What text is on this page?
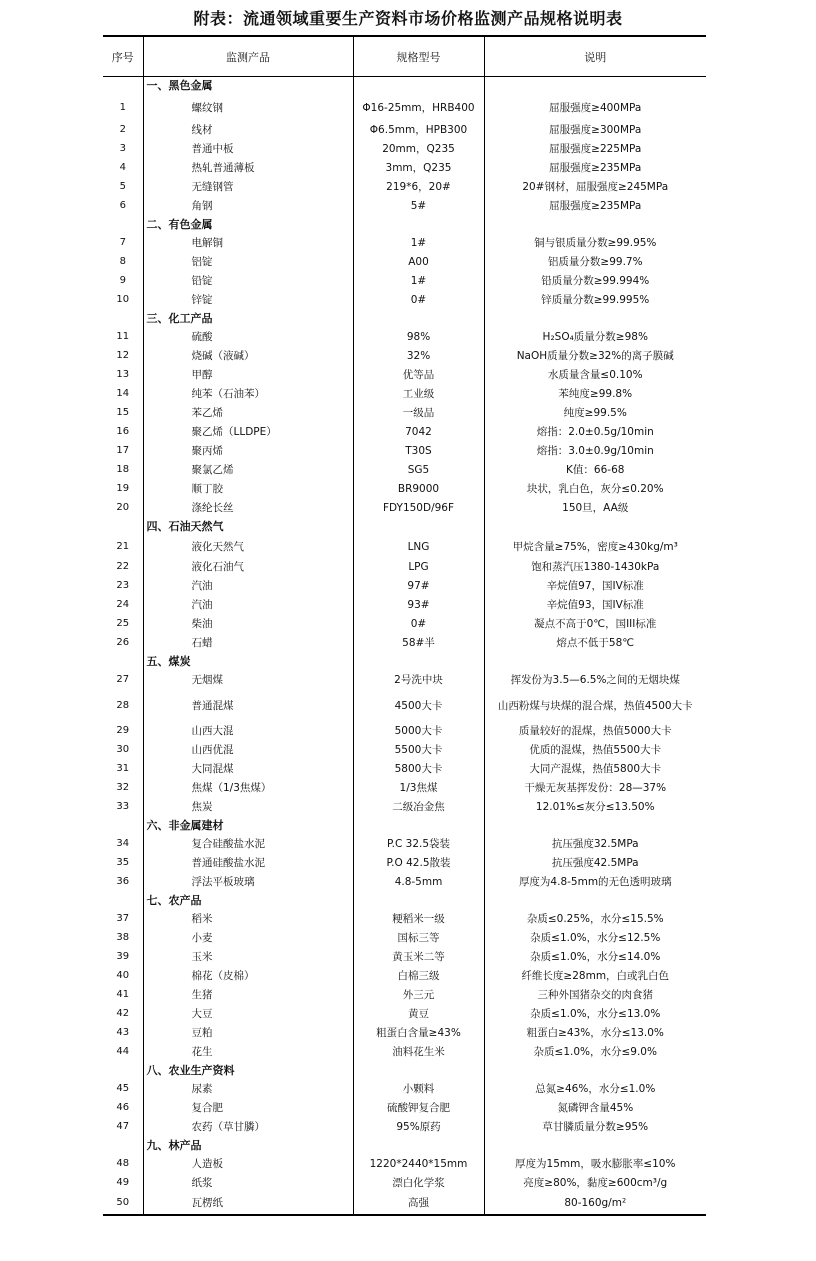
附表：流通领域重要生产资料市场价格监测产品规格说明表
序号	监测产品	规格型号	说明
	一、黑色金属		
1	螺纹钢	Φ16-25mm，HRB400	屈服强度≥400MPa
2	线材	Φ6.5mm，HPB300	屈服强度≥300MPa
3	普通中板	20mm，Q235	屈服强度≥225MPa
4	热轧普通薄板	3mm，Q235	屈服强度≥235MPa
5	无缝钢管	219*6，20#	20#钢材，屈服强度≥245MPa
6	角钢	5#	屈服强度≥235MPa
	二、有色金属		
7	电解铜	1#	铜与银质量分数≥99.95%
8	铝锭	A00	铝质量分数≥99.7%
9	铅锭	1#	铅质量分数≥99.994%
10	锌锭	0#	锌质量分数≥99.995%
	三、化工产品		
11	硫酸	98%	H₂SO₄质量分数≥98%
12	烧碱（液碱）	32%	NaOH质量分数≥32%的离子膜碱
13	甲醇	优等品	水质量含量≤0.10%
14	纯苯（石油苯）	工业级	苯纯度≥99.8%
15	苯乙烯	一级品	纯度≥99.5%
16	聚乙烯（LLDPE）	7042	熔指：2.0±0.5g/10min
17	聚丙烯	T30S	熔指：3.0±0.9g/10min
18	聚氯乙烯	SG5	K值：66-68
19	顺丁胶	BR9000	块状，乳白色，灰分≤0.20%
20	涤纶长丝	FDY150D/96F	150旦，AA级
	四、石油天然气		
21	液化天然气	LNG	甲烷含量≥75%，密度≥430kg/m³
22	液化石油气	LPG	饱和蒸汽压1380-1430kPa
23	汽油	97#	辛烷值97，国IV标准
24	汽油	93#	辛烷值93，国IV标准
25	柴油	0#	凝点不高于0℃，国III标准
26	石蜡	58#半	熔点不低于58℃
	五、煤炭		
27	无烟煤	2号洗中块	挥发份为3.5—6.5%之间的无烟块煤
28	普通混煤	4500大卡	山西粉煤与块煤的混合煤，热值4500大卡
29	山西大混	5000大卡	质量较好的混煤，热值5000大卡
30	山西优混	5500大卡	优质的混煤，热值5500大卡
31	大同混煤	5800大卡	大同产混煤，热值5800大卡
32	焦煤（1/3焦煤）	1/3焦煤	干燥无灰基挥发份：28—37%
33	焦炭	二级冶金焦	12.01%≤灰分≤13.50%
	六、非金属建材		
34	复合硅酸盐水泥	P.C 32.5袋装	抗压强度32.5MPa
35	普通硅酸盐水泥	P.O 42.5散装	抗压强度42.5MPa
36	浮法平板玻璃	4.8-5mm	厚度为4.8-5mm的无色透明玻璃
	七、农产品		
37	稻米	粳稻米一级	杂质≤0.25%，水分≤15.5%
38	小麦	国标三等	杂质≤1.0%，水分≤12.5%
39	玉米	黄玉米二等	杂质≤1.0%，水分≤14.0%
40	棉花（皮棉）	白棉三级	纤维长度≥28mm，白或乳白色
41	生猪	外三元	三种外国猪杂交的肉食猪
42	大豆	黄豆	杂质≤1.0%，水分≤13.0%
43	豆粕	粗蛋白含量≥43%	粗蛋白≥43%，水分≤13.0%
44	花生	油料花生米	杂质≤1.0%，水分≤9.0%
	八、农业生产资料		
45	尿素	小颗料	总氮≥46%，水分≤1.0%
46	复合肥	硫酸钾复合肥	氮磷钾含量45%
47	农药（草甘膦）	95%原药	草甘膦质量分数≥95%
	九、林产品		
48	人造板	1220*2440*15mm	厚度为15mm，吸水膨胀率≤10%
49	纸浆	漂白化学浆	亮度≥80%，黏度≥600cm³/g
50	瓦楞纸	高强	80-160g/m²
